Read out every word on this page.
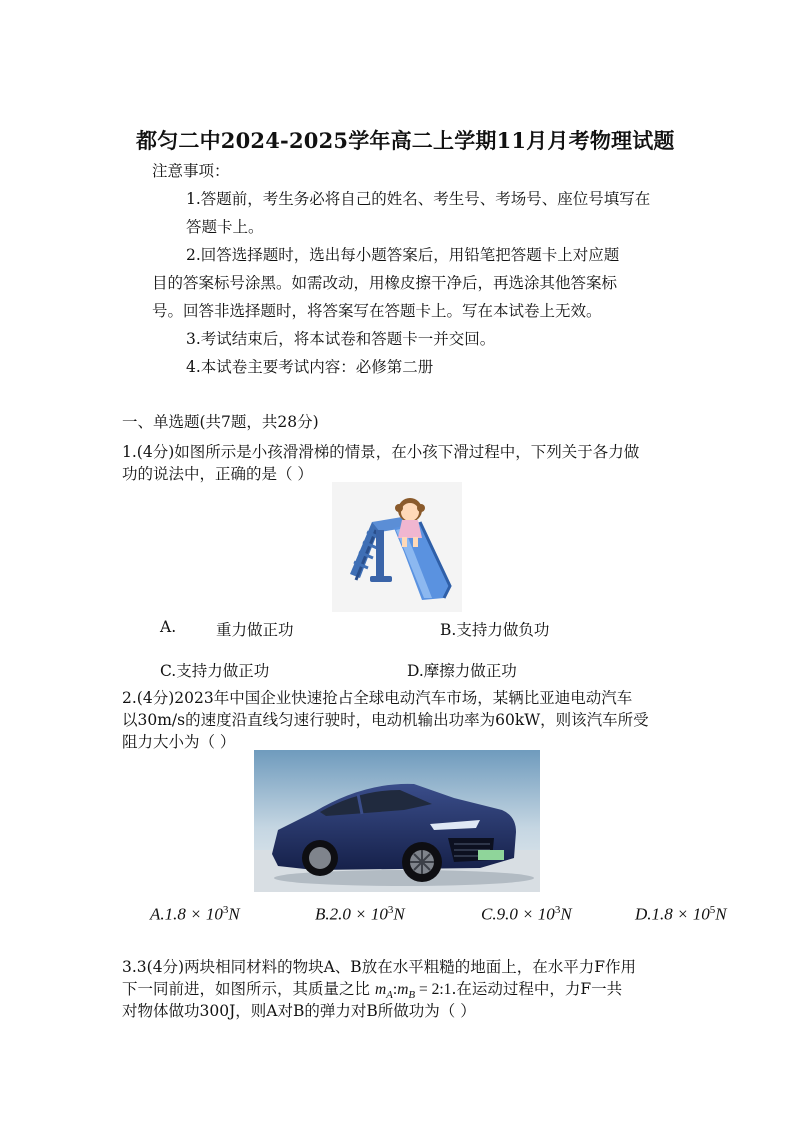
都匀二中2024-2025学年高二上学期11月月考物理试题
注意事项：
1.答题前，考生务必将自己的姓名、考生号、考场号、座位号填写在
答题卡上。
2.回答选择题时，选出每小题答案后，用铅笔把答题卡上对应题
目的答案标号涂黑。如需改动，用橡皮擦干净后，再选涂其他答案标
号。回答非选择题时，将答案写在答题卡上。写在本试卷上无效。
3.考试结束后，将本试卷和答题卡一并交回。
4.本试卷主要考试内容：必修第二册
一、单选题(共7题，共28分)
1.(4分)如图所示是小孩滑滑梯的情景，在小孩下滑过程中，下列关于各力做
功的说法中，正确的是（ ）
A.	重力做正功	B.支持力做负功
C.支持力做正功	D.摩擦力做正功
2.(4分)2023年中国企业快速抢占全球电动汽车市场，某辆比亚迪电动汽车
以30m/s的速度沿直线匀速行驶时，电动机输出功率为60kW，则该汽车所受
阻力大小为（ ）
$A.1.8 \times 10^3N$	$B.2.0 \times 10^3N$	$C.9.0 \times 10^3N$	$D.1.8 \times 10^5N$
3.3(4分)两块相同材料的物块A、B放在水平粗糙的地面上，在水平力F作用
下一同前进，如图所示，其质量之比 $m_A:m_B$ = 2:1.在运动过程中，力F一共
对物体做功300J，则A对B的弹力对B所做功为（ ）
